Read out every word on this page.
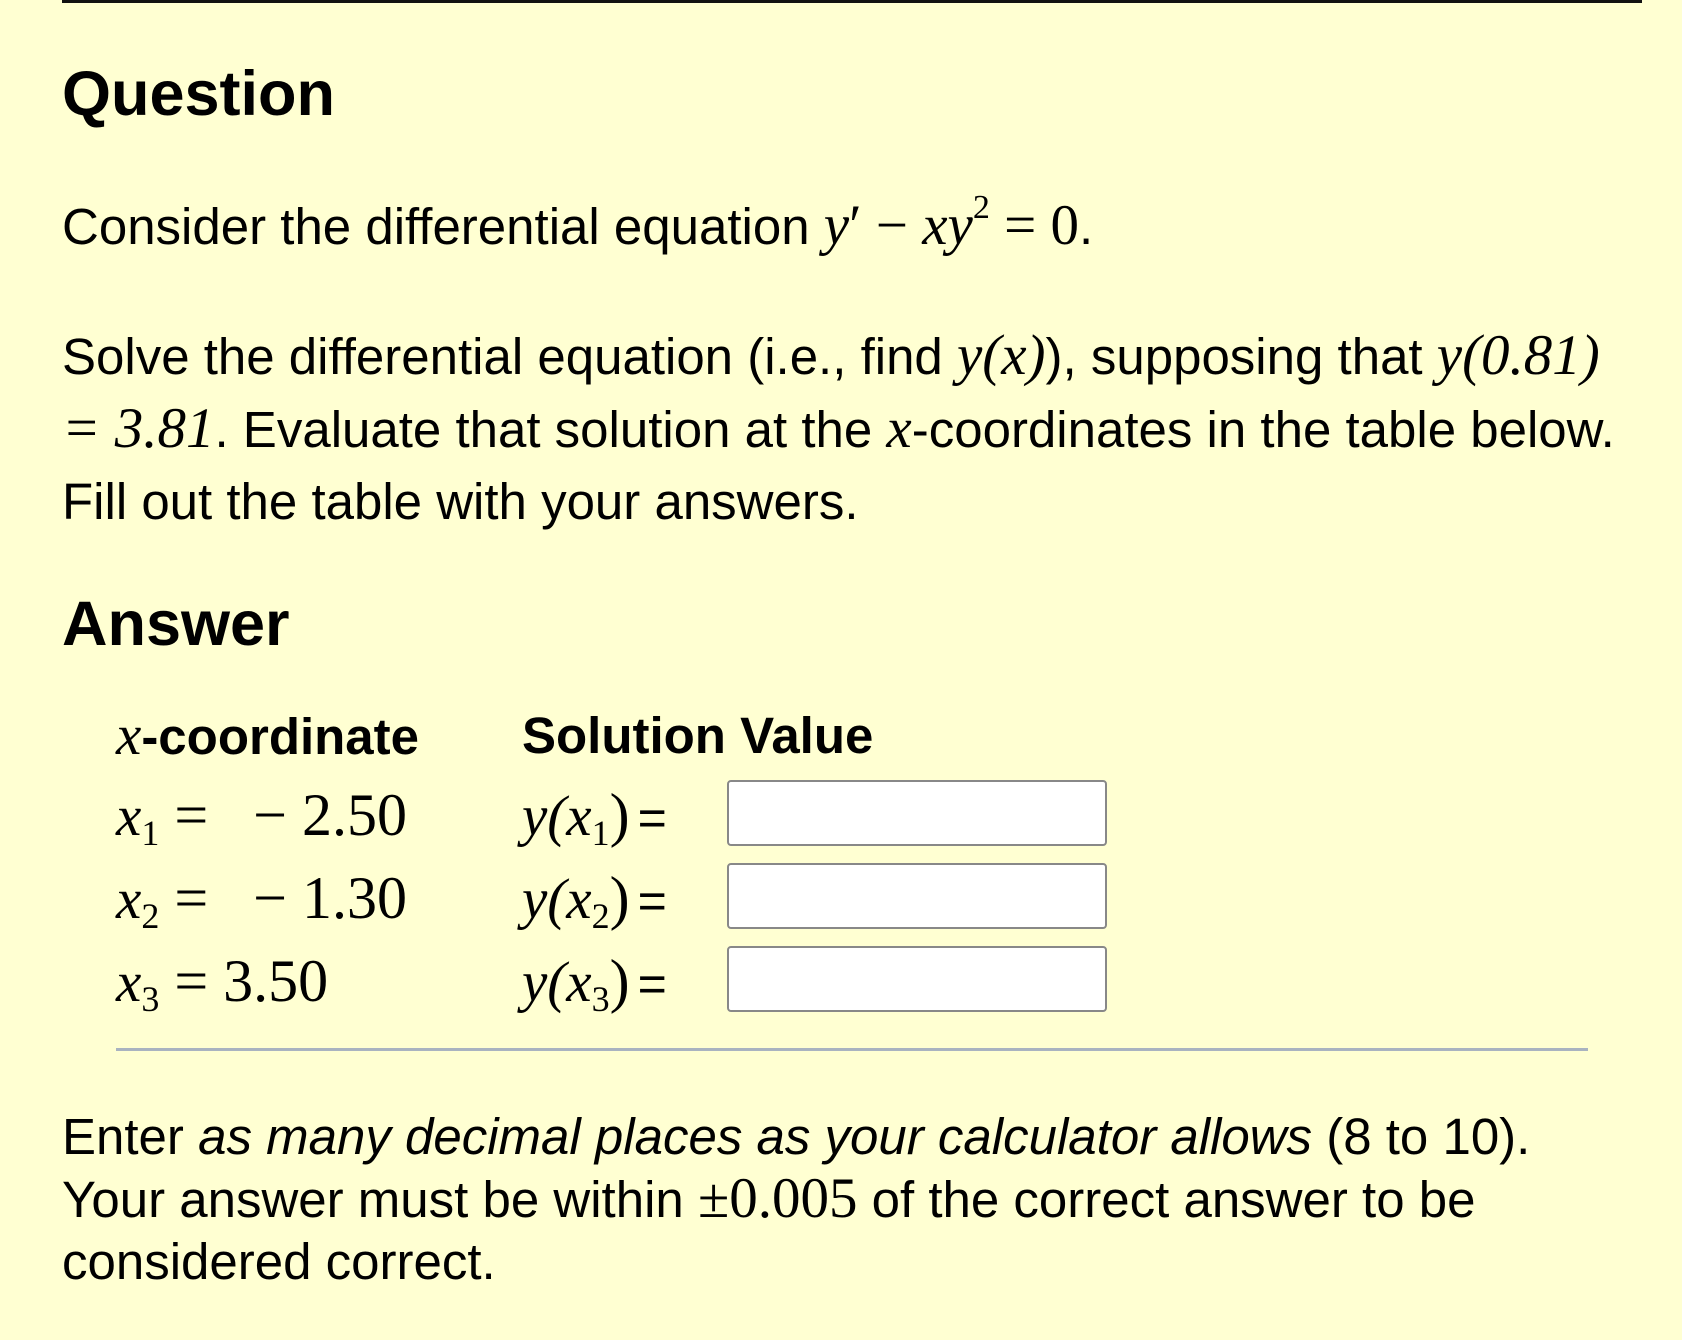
Question

Consider the differential equation $y' - xy^2 = 0$.

Solve the differential equation (i.e., find y(x)), supposing that y(0.81) = 3.81. Evaluate that solution at the x-coordinates in the table below. Fill out the table with your answers.

Answer
x-coordinate Solution Value
$x_1$ =   − 2.50 $y(x_1)$ =
$x_2$ =   − 1.30 $y(x_2)$ =
$x_3 = 3.50$	$y(x_3)$ =

Enter as many decimal places as your calculator allows (8 to 10). Your answer must be within ±0.005 of the correct answer to be considered correct.
